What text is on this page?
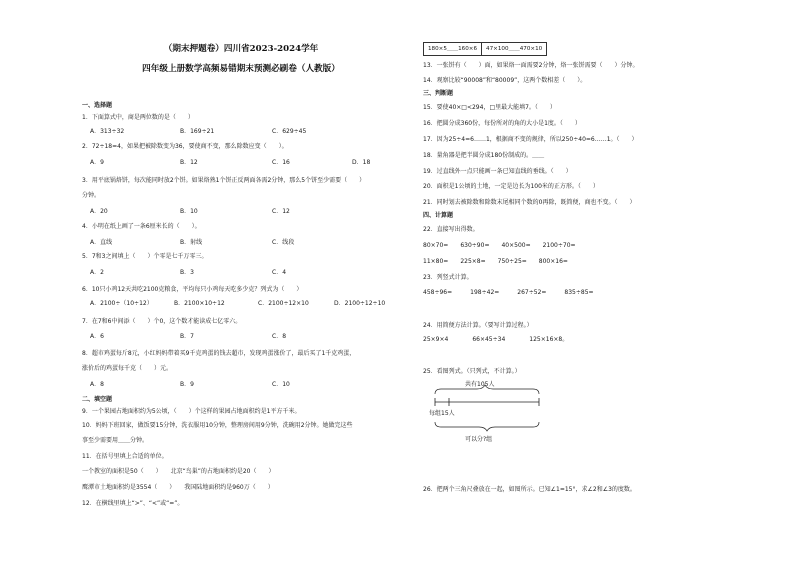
（期末押题卷）四川省2023-2024学年
四年级上册数学高频易错期末预测必刷卷（人教版）
一、选择题
1．下面算式中，商是两位数的是（　　）
A．313÷32	B．169÷21	C．629÷45
2．72÷18=4，如果把被除数变为36，要使商不变，那么除数应变（　　）。
A．9	B．12	C．16	D．18
3．用平底锅烙饼，每次能同时放2个饼。如果烙熟1个饼正反两面各需2分钟，那么5个饼至少需要（　　）
分钟。
A．20	B．10	C．12
4．小明在纸上画了一条6厘米长的（　　）。
A．直线	B．射线	C．线段
5．7和3之间填上（　　）个零是七千万零三。
A．2	B．3	C．4
6．10只小鸡12天共吃2100克粮食，平均每只小鸡每天吃多少克？列式为（　　）
A．2100÷（10÷12）	B．2100×10÷12	C．2100÷12×10	D．2100÷12÷10
7．在7和6中间添（　　）个0，这个数才能读成七亿零六。
A．6	B．7	C．8
8．超市鸡蛋每斤8元，小红妈妈带着买9千克鸡蛋的钱去超市，发现鸡蛋涨价了，最后买了1千克鸡蛋，
涨价后的鸡蛋每千克（　　）元。
A．8	B．9	C．10
二、填空题
9．一个果园占地面积约为5公顷，（　　）个这样的果园占地面积约是1平方千米。
10．妈妈下班回家，做饭要15分钟，洗衣服用10分钟，整理房间用9分钟，洗碗用2分钟。她做完这些
事至少需要用＿＿分钟。
11．在括号里填上合适的单位。
一个教室的面积是50（　　）　　北京“鸟巢”的占地面积约是20（　　）
鹰潭市土地面积约是3554（　　）　　我国陆地面积约是960万（　　）
12．在横线里填上“>”、“<”或“=”。
180×5＿＿160×6	47×100＿＿470×10
13．一张饼有（　　）面，如果烙一面需要2分钟，烙一张饼需要（　　）分钟。
14．观察比较“90008”和“80009”，这两个数相差（　　）。
三、判断题
15．要使40×□<294，□里最大能填7。（　　）
16．把圆分成360份，每份所对的角的大小是1度。（　　）
17．因为25÷4=6……1，根据商不变的规律，所以250÷40=6……1。（　　）
18．量角器是把半圆分成180份制成的。＿＿
19．过直线外一点只能画一条已知直线的垂线。（　　）
20．面积是1公顷的土地，一定是边长为100米的正方形。（　　）
21．同时划去被除数和除数末尾相同个数的0再除，既简便，商也不变。（　　）
四、计算题
22．直接写出得数。
80×70=　　630÷90=　　40×500=　　2100÷70=
11×80=　　225×8=　　750÷25=　　800×16=
23．列竖式计算。
458÷96=　　　198÷42=　　　267÷52=　　　835÷85=
24．用简便方法计算。（要写计算过程。）
25×9×4　　　　66×45÷34　　　　125×16×8。
25．看图列式。（只列式，不计算。）
共有105人
每组15人
可以分?组
26．把两个三角尺叠放在一起，如图所示。已知∠1=15°，求∠2和∠3的度数。
